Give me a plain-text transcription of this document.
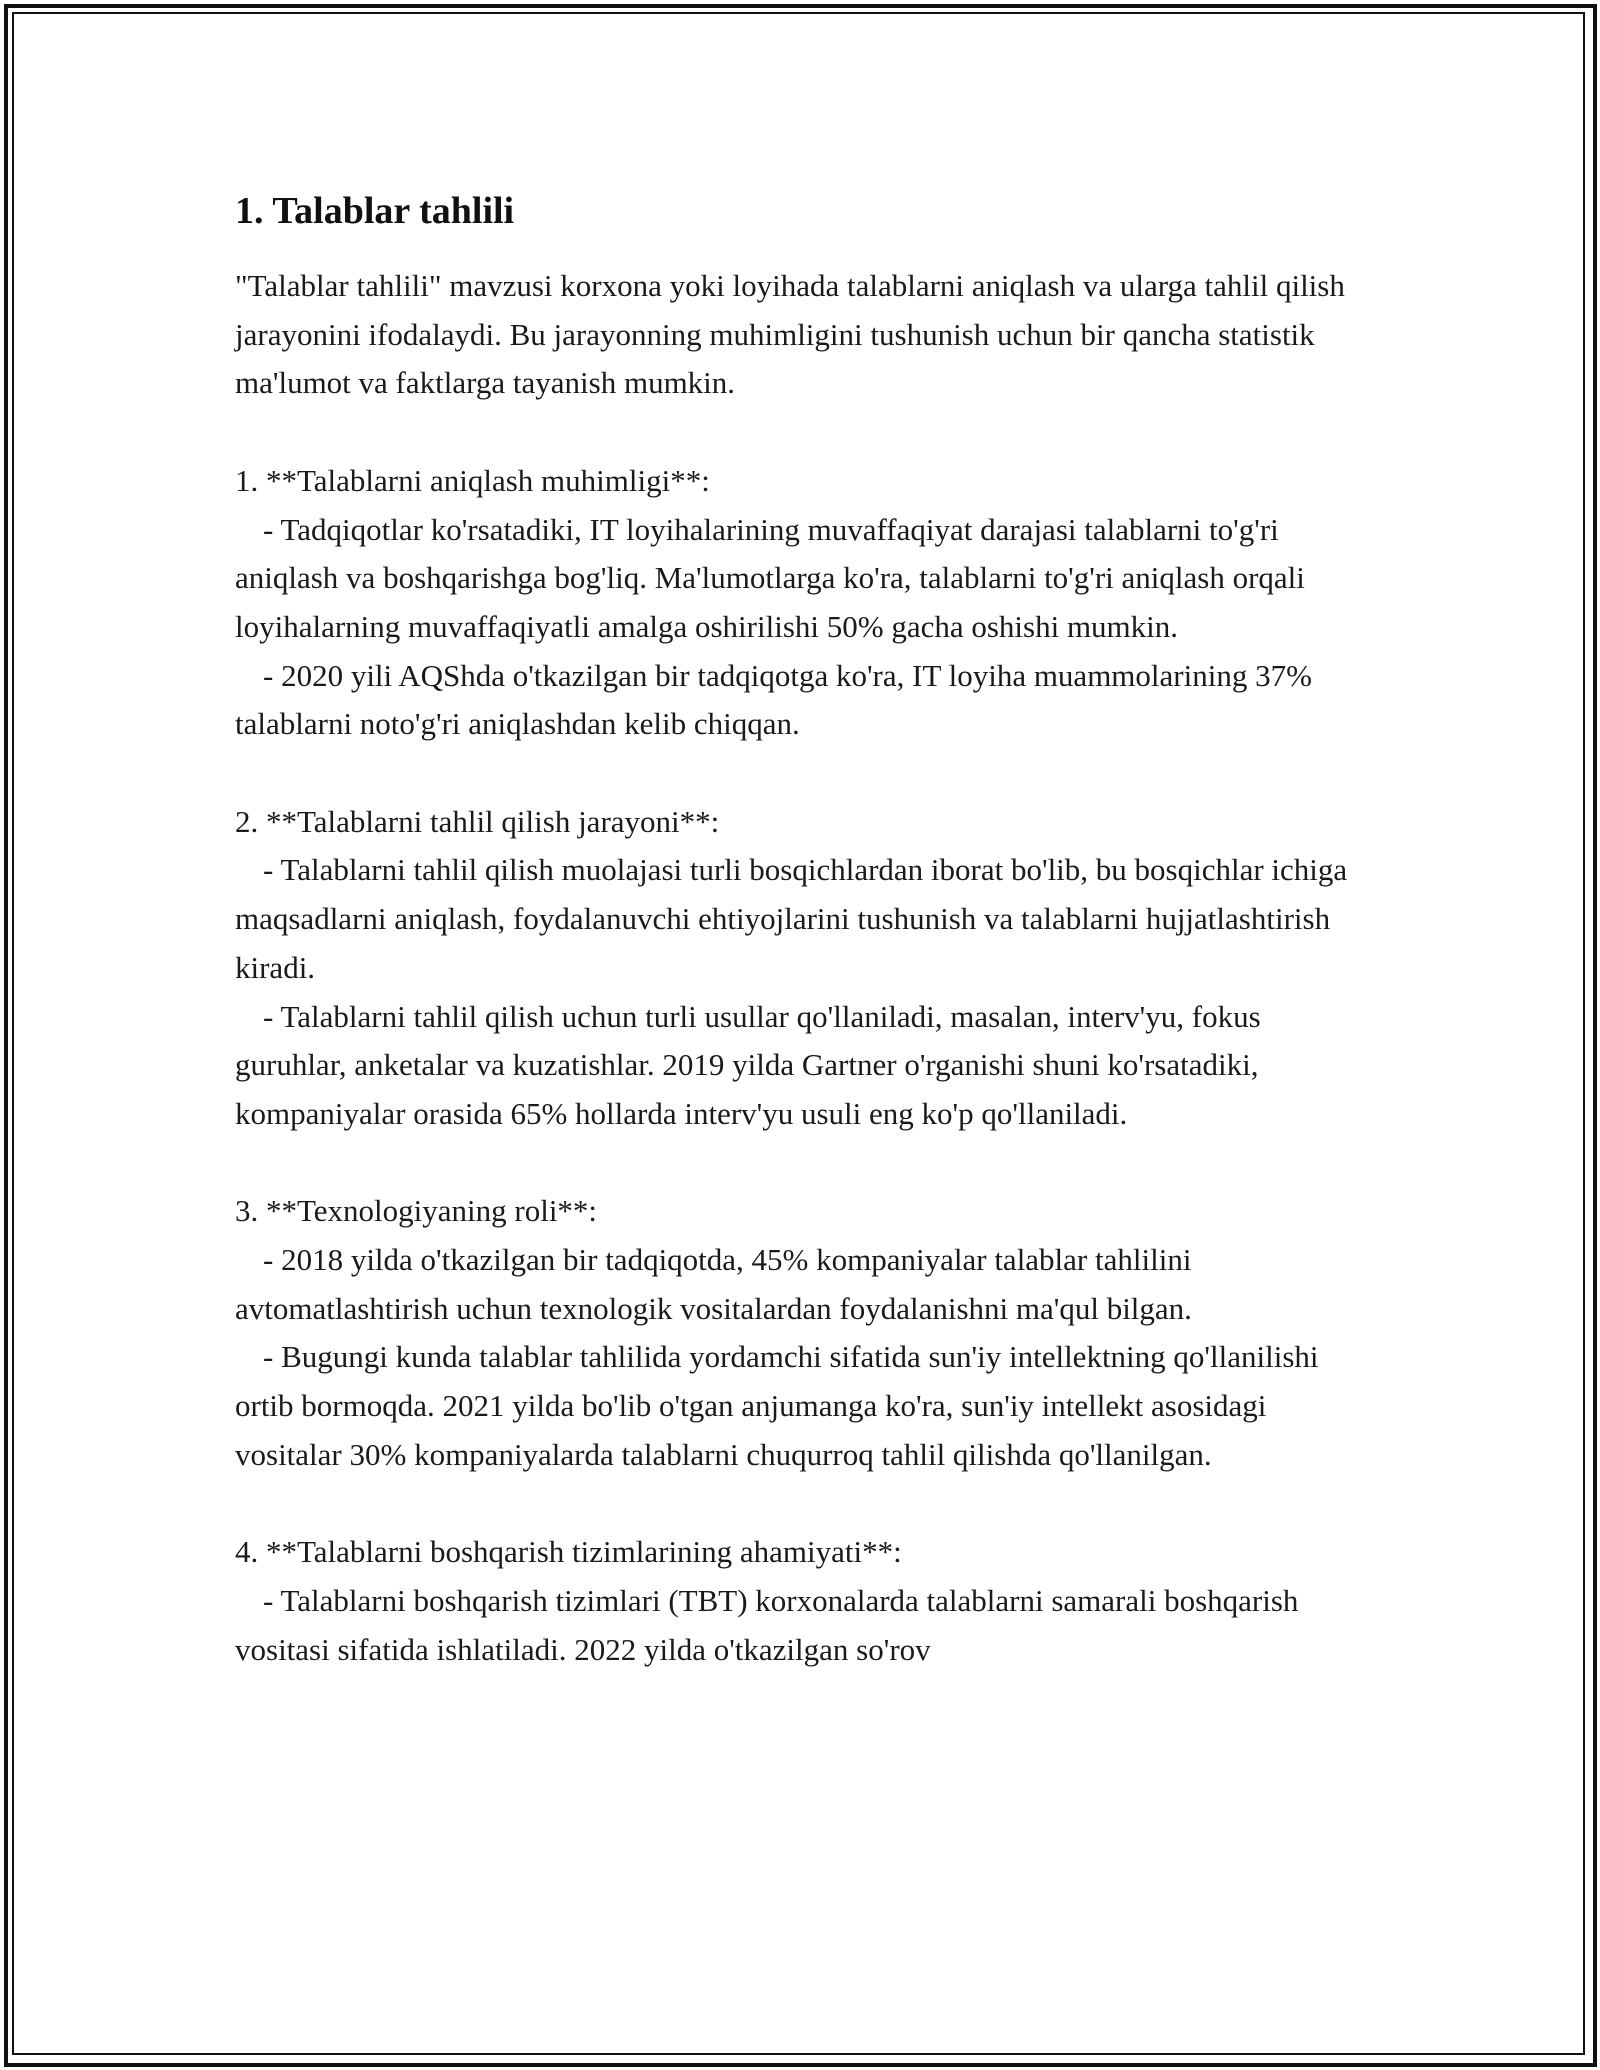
1. Talablar tahlili

"Talablar tahlili" mavzusi korxona yoki loyihada talablarni aniqlash va ularga tahlil qilish jarayonini ifodalaydi. Bu jarayonning muhimligini tushunish uchun bir qancha statistik ma'lumot va faktlarga tayanish mumkin.

1. **Talablarni aniqlash muhimligi**:
- Tadqiqotlar ko'rsatadiki, IT loyihalarining muvaffaqiyat darajasi talablarni to'g'ri aniqlash va boshqarishga bog'liq. Ma'lumotlarga ko'ra, talablarni to'g'ri aniqlash orqali loyihalarning muvaffaqiyatli amalga oshirilishi 50% gacha oshishi mumkin.
- 2020 yili AQShda o'tkazilgan bir tadqiqotga ko'ra, IT loyiha muammolarining 37% talablarni noto'g'ri aniqlashdan kelib chiqqan.
2. **Talablarni tahlil qilish jarayoni**:
- Talablarni tahlil qilish muolajasi turli bosqichlardan iborat bo'lib, bu bosqichlar ichiga maqsadlarni aniqlash, foydalanuvchi ehtiyojlarini tushunish va talablarni hujjatlashtirish kiradi.
- Talablarni tahlil qilish uchun turli usullar qo'llaniladi, masalan, interv'yu, fokus guruhlar, anketalar va kuzatishlar. 2019 yilda Gartner o'rganishi shuni ko'rsatadiki, kompaniyalar orasida 65% hollarda interv'yu usuli eng ko'p qo'llaniladi.
3. **Texnologiyaning roli**:
- 2018 yilda o'tkazilgan bir tadqiqotda, 45% kompaniyalar talablar tahlilini avtomatlashtirish uchun texnologik vositalardan foydalanishni ma'qul bilgan.
- Bugungi kunda talablar tahlilida yordamchi sifatida sun'iy intellektning qo'llanilishi ortib bormoqda. 2021 yilda bo'lib o'tgan anjumanga ko'ra, sun'iy intellekt asosidagi vositalar 30% kompaniyalarda talablarni chuqurroq tahlil qilishda qo'llanilgan.
4. **Talablarni boshqarish tizimlarining ahamiyati**:
- Talablarni boshqarish tizimlari (TBT) korxonalarda talablarni samarali boshqarish vositasi sifatida ishlatiladi. 2022 yilda o'tkazilgan so'rov
